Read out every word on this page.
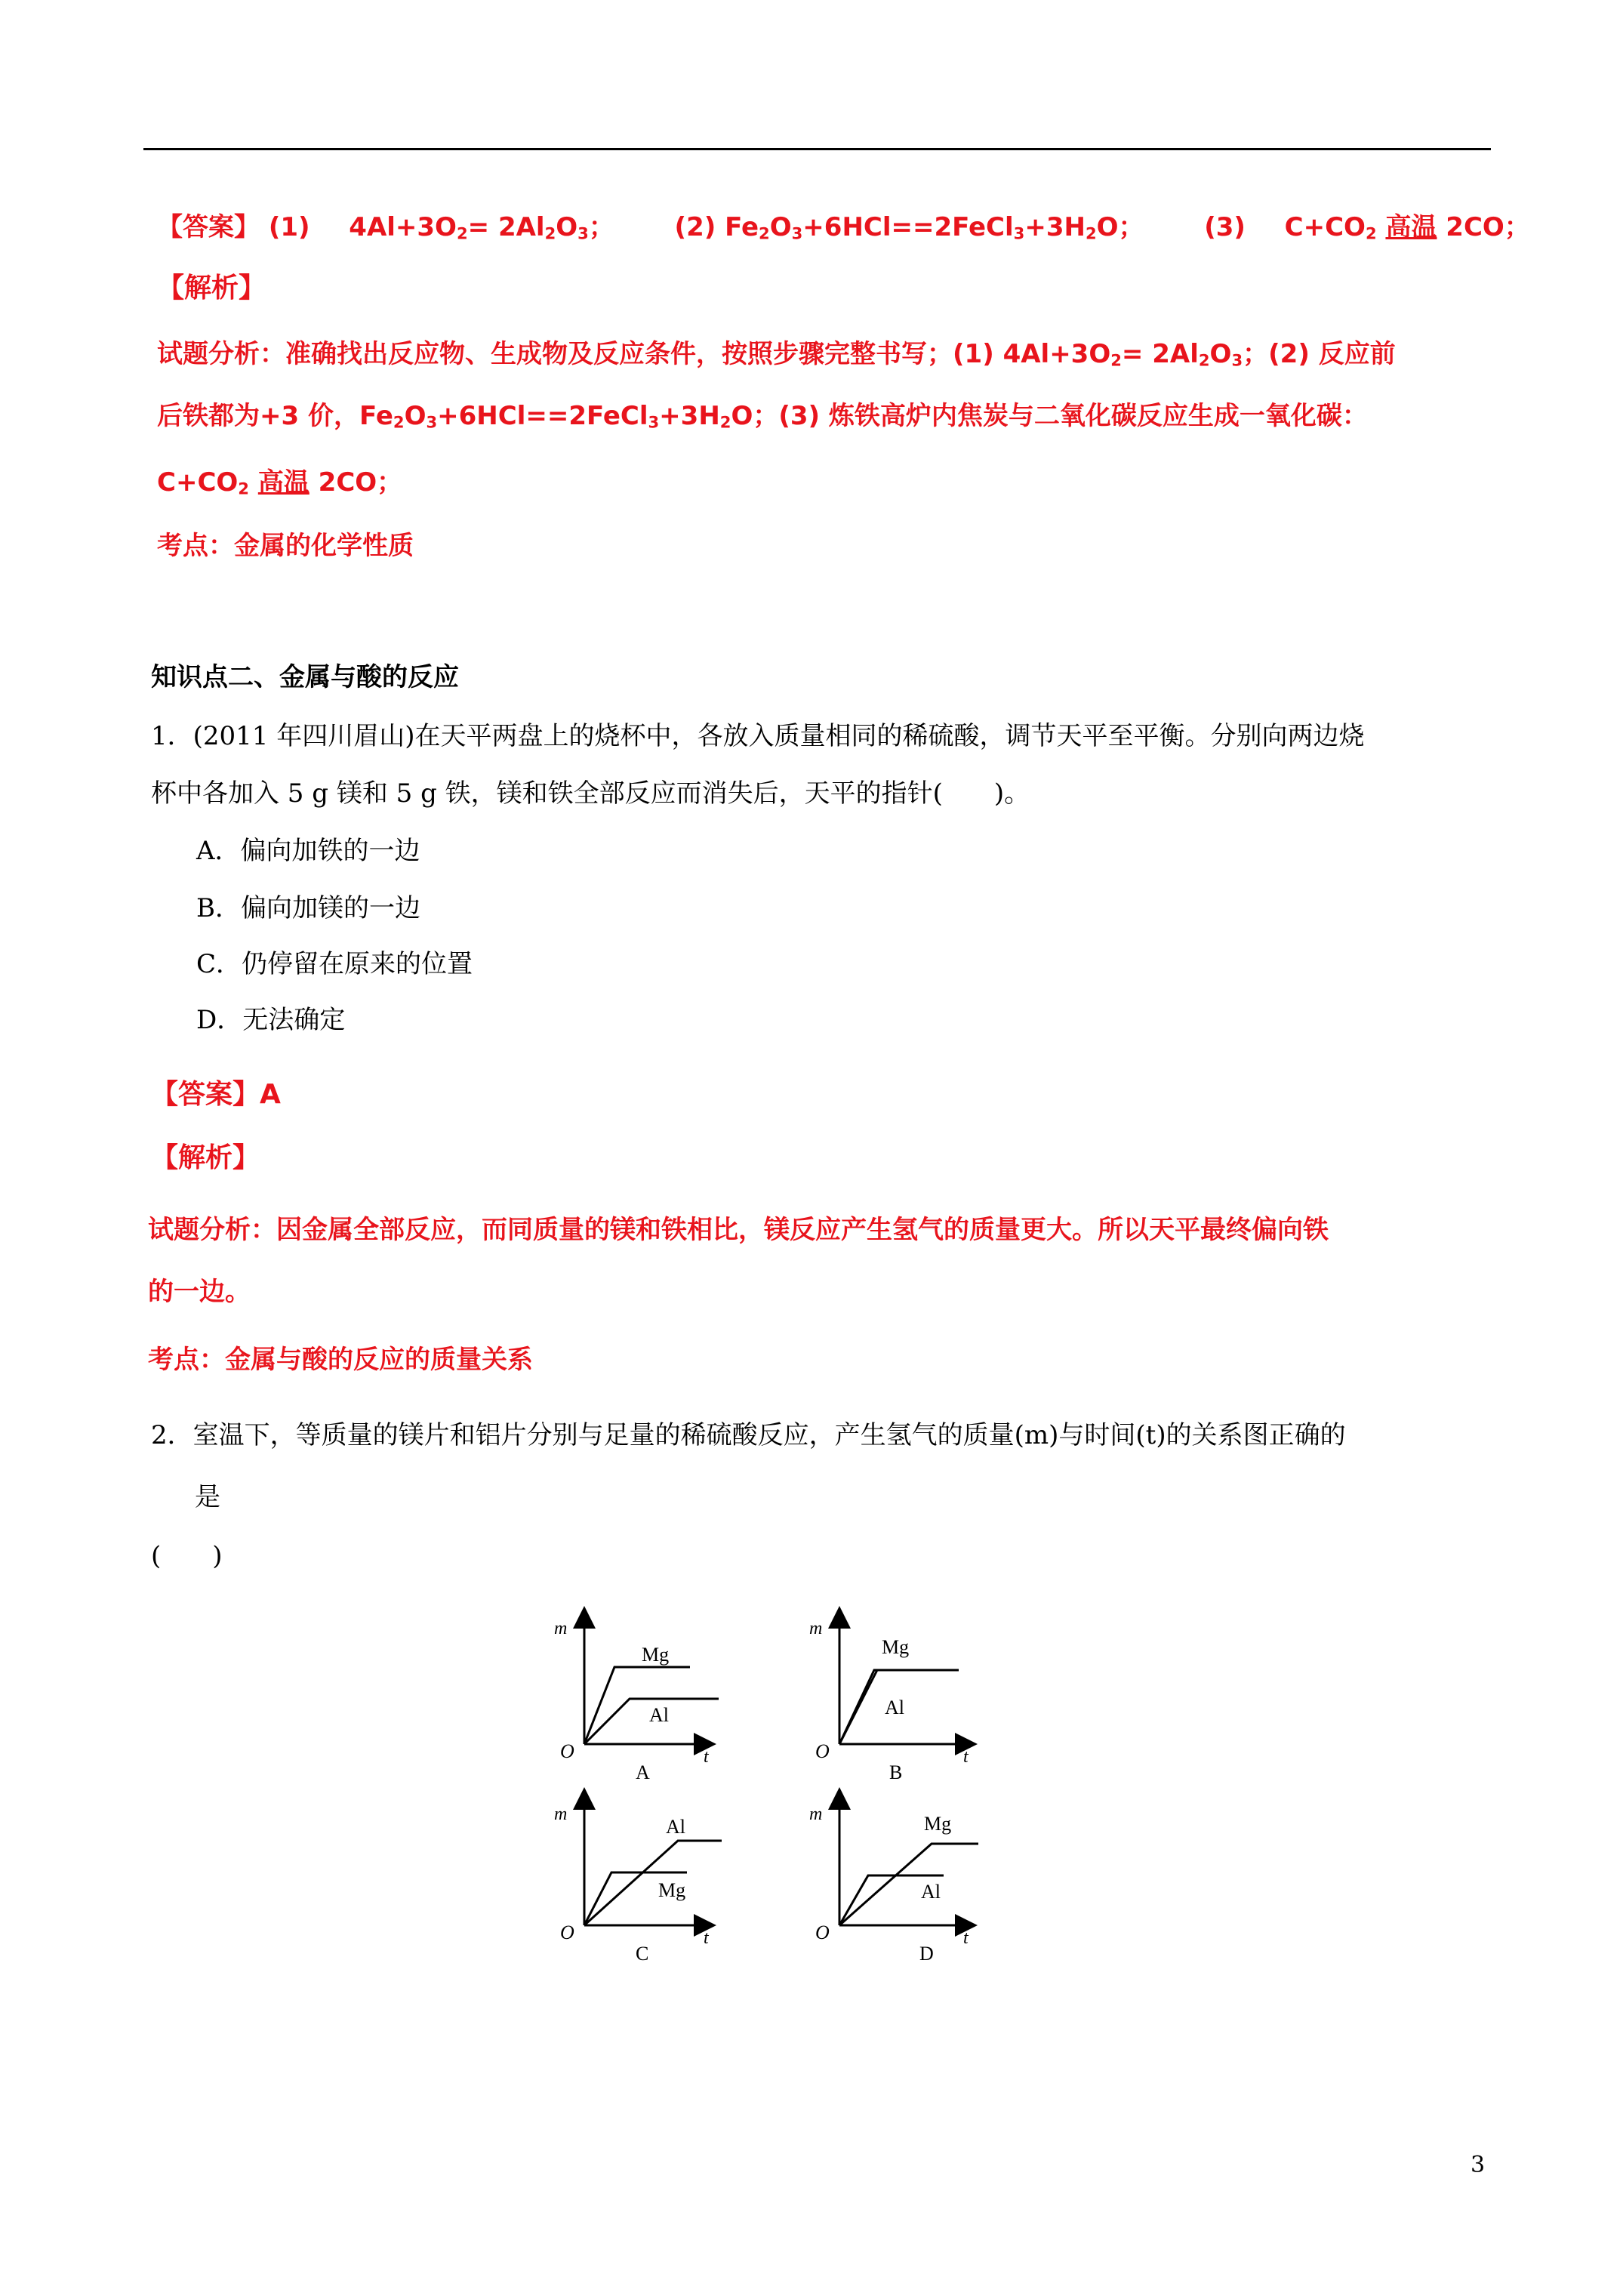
【答案】 (1) $4Al+3O_2= 2Al_2O_3$； (2) $Fe_2O_3+6HCl==2FeCl_3+3H_2O$； (3) $C+CO_2$ 高温 2CO；
【解析】
试题分析：准确找出反应物、生成物及反应条件，按照步骤完整书写；(1) $4Al+3O_2= 2Al_2O_3$；(2) 反应前
后铁都为+3 价，$Fe_2O_3+6HCl==2FeCl_3+3H_2O$；(3) 炼铁高炉内焦炭与二氧化碳反应生成一氧化碳：
$C+CO_2$ 高温 2CO；
考点：金属的化学性质
知识点二、金属与酸的反应
1．(2011 年四川眉山)在天平两盘上的烧杯中，各放入质量相同的稀硫酸，调节天平至平衡。分别向两边烧
杯中各加入 5 g 镁和 5 g 铁，镁和铁全部反应而消失后，天平的指针(　　)。
A．偏向加铁的一边
B．偏向加镁的一边
C．仍停留在原来的位置
D．无法确定
【答案】A
【解析】
试题分析：因金属全部反应，而同质量的镁和铁相比，镁反应产生氢气的质量更大。所以天平最终偏向铁
的一边。
考点：金属与酸的反应的质量关系
2．室温下，等质量的镁片和铝片分别与足量的稀硫酸反应，产生氢气的质量(m)与时间(t)的关系图正确的
是
(　　)
m
O	t
Mg
Al
A
m
O	t
Mg
Al
B
m
O	t
Al
Mg
C
m
O	t
Mg
Al
D
3
